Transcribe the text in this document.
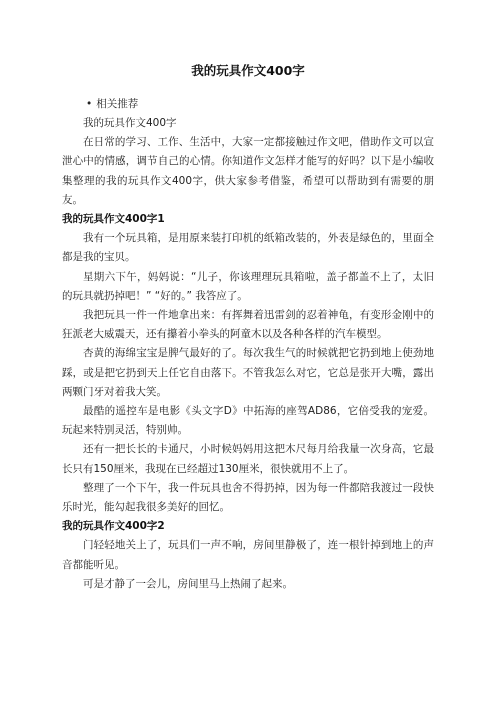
我的玩具作文400字
• 相关推荐

我的玩具作文400字

在日常的学习、工作、生活中，大家一定都接触过作文吧，借助作文可以宣泄心中的情感，调节自己的心情。你知道作文怎样才能写的好吗？以下是小编收集整理的我的玩具作文400字，供大家参考借鉴，希望可以帮助到有需要的朋友。

我的玩具作文400字1

我有一个玩具箱，是用原来装打印机的纸箱改装的，外表是绿色的，里面全都是我的宝贝。

星期六下午，妈妈说：“儿子，你该理理玩具箱啦，盖子都盖不上了，太旧的玩具就扔掉吧！” “好的。” 我答应了。

我把玩具一件一件地拿出来：有挥舞着迅雷剑的忍着神龟，有变形金刚中的狂派老大威震天，还有攥着小拳头的阿童木以及各种各样的汽车模型。

杏黄的海绵宝宝是脾气最好的了。每次我生气的时候就把它扔到地上使劲地踩，或是把它扔到天上任它自由落下。不管我怎么对它，它总是张开大嘴，露出两颗门牙对着我大笑。

最酷的遥控车是电影《头文字D》中拓海的座驾AD86，它倍受我的宠爱。玩起来特别灵活，特别帅。

还有一把长长的卡通尺，小时候妈妈用这把木尺每月给我量一次身高，它最长只有150厘米，我现在已经超过130厘米，很快就用不上了。

整理了一个下午，我一件玩具也舍不得扔掉，因为每一件都陪我渡过一段快乐时光，能勾起我很多美好的回忆。

我的玩具作文400字2

门轻轻地关上了，玩具们一声不响，房间里静极了，连一根针掉到地上的声音都能听见。

可是才静了一会儿，房间里马上热闹了起来。
